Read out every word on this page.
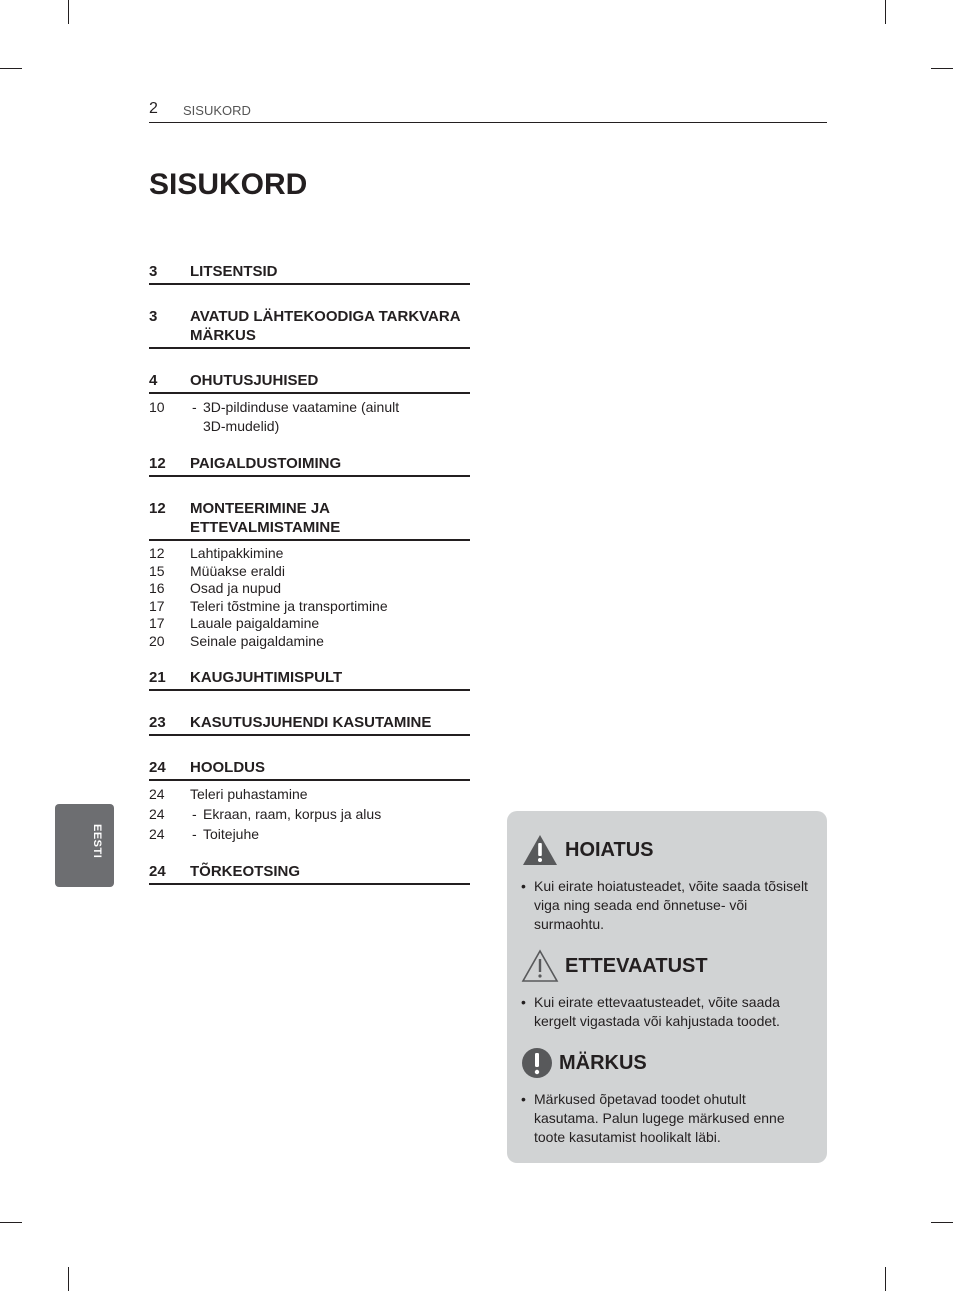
2 SISUKORD
SISUKORD
3	LITSENTSID
3	AVATUD LÄHTEKOODIGA TARKVARA MÄRKUS
4	OHUTUSJUHISED
10 - 3D-pildinduse vaatamine (ainult 3D-mudelid)
12	PAIGALDUSTOIMING
12	MONTEERIMINE JA ETTEVALMISTAMINE
12 Lahtipakkimine
15 Müüakse eraldi
16 Osad ja nupud
17 Teleri tõstmine ja transportimine
17 Lauale paigaldamine
20 Seinale paigaldamine
21	KAUGJUHTIMISPULT
23	KASUTUSJUHENDI KASUTAMINE
24	HOOLDUS
24 Teleri puhastamine
24 - Ekraan, raam, korpus ja alus
24 - Toitejuhe
24	TÕRKEOTSING
EESTI	HOIATUS
• Kui eirate hoiatusteadet, võite saada tõsiselt viga ning seada end õnnetuse- või surmaohtu.
ETTEVAATUST
• Kui eirate ettevaatusteadet, võite saada kergelt vigastada või kahjustada toodet.
MÄRKUS
• Märkused õpetavad toodet ohutult kasutama. Palun lugege märkused enne toote kasutamist hoolikalt läbi.
